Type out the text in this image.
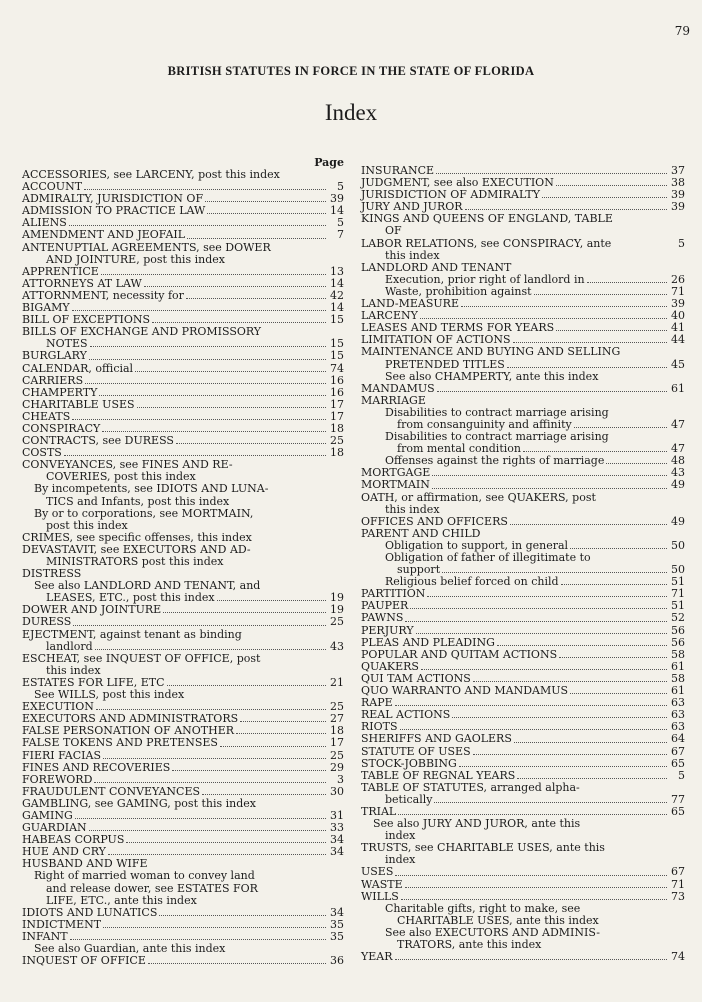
79
BRITISH STATUTES IN FORCE IN THE STATE OF FLORIDA
Index
Page
ACCESSORIES, see LARCENY, post this index
ACCOUNT	5
ADMIRALTY, JURISDICTION OF	39
ADMISSION TO PRACTICE LAW	14
ALIENS	5
AMENDMENT AND JEOFAIL	7
ANTENUPTIAL AGREEMENTS, see DOWER
AND JOINTURE, post this index
APPRENTICE	13
ATTORNEYS AT LAW	14
ATTORNMENT, necessity for	42
BIGAMY	14
BILL OF EXCEPTIONS	15
BILLS OF EXCHANGE AND PROMISSORY
NOTES	15
BURGLARY	15
CALENDAR, official	74
CARRIERS	16
CHAMPERTY	16
CHARITABLE USES	17
CHEATS	17
CONSPIRACY	18
CONTRACTS, see DURESS	25
COSTS	18
CONVEYANCES, see FINES AND RE-
COVERIES, post this index
By incompetents, see IDIOTS AND LUNA-
TICS and Infants, post this index
By or to corporations, see MORTMAIN,
post this index
CRIMES, see specific offenses, this index
DEVASTAVIT, see EXECUTORS AND AD-
MINISTRATORS post this index
DISTRESS
See also LANDLORD AND TENANT, and
LEASES, ETC., post this index	19
DOWER AND JOINTURE	19
DURESS	25
EJECTMENT, against tenant as binding
landlord	43
ESCHEAT, see INQUEST OF OFFICE, post
this index
ESTATES FOR LIFE, ETC	21
See WILLS, post this index
EXECUTION	25
EXECUTORS AND ADMINISTRATORS	27
FALSE PERSONATION OF ANOTHER	18
FALSE TOKENS AND PRETENSES	17
FIERI FACIAS	25
FINES AND RECOVERIES	29
FOREWORD	3
FRAUDULENT CONVEYANCES	30
GAMBLING, see GAMING, post this index
GAMING	31
GUARDIAN	33
HABEAS CORPUS	34
HUE AND CRY	34
HUSBAND AND WIFE
Right of married woman to convey land
and release dower, see ESTATES FOR
LIFE, ETC., ante this index
IDIOTS AND LUNATICS	34
INDICTMENT	35
INFANT	35
See also Guardian, ante this index
INQUEST OF OFFICE	36
INSURANCE	37
JUDGMENT, see also EXECUTION	38
JURISDICTION OF ADMIRALTY	39
JURY AND JUROR	39
KINGS AND QUEENS OF ENGLAND, TABLE
OF
LABOR RELATIONS, see CONSPIRACY, ante	5
this index
LANDLORD AND TENANT
Execution, prior right of landlord in	26
Waste, prohibition against	71
LAND-MEASURE	39
LARCENY	40
LEASES AND TERMS FOR YEARS	41
LIMITATION OF ACTIONS	44
MAINTENANCE AND BUYING AND SELLING
PRETENDED TITLES	45
See also CHAMPERTY, ante this index
MANDAMUS	61
MARRIAGE
Disabilities to contract marriage arising
from consanguinity and affinity	47
Disabilities to contract marriage arising
from mental condition	47
Offenses against the rights of marriage	48
MORTGAGE	43
MORTMAIN	49
OATH, or affirmation, see QUAKERS, post
this index
OFFICES AND OFFICERS	49
PARENT AND CHILD
Obligation to support, in general	50
Obligation of father of illegitimate to
support	50
Religious belief forced on child	51
PARTITION	71
PAUPER	51
PAWNS	52
PERJURY	56
PLEAS AND PLEADING	56
POPULAR AND QUITAM ACTIONS	58
QUAKERS	61
QUI TAM ACTIONS	58
QUO WARRANTO AND MANDAMUS	61
RAPE	63
REAL ACTIONS	63
RIOTS	63
SHERIFFS AND GAOLERS	64
STATUTE OF USES	67
STOCK-JOBBING	65
TABLE OF REGNAL YEARS	5
TABLE OF STATUTES, arranged alpha-
betically	77
TRIAL	65
See also JURY AND JUROR, ante this
index
TRUSTS, see CHARITABLE USES, ante this
index
USES	67
WASTE	71
WILLS	73
Charitable gifts, right to make, see
CHARITABLE USES, ante this index
See also EXECUTORS AND ADMINIS-
TRATORS, ante this index
YEAR	74
